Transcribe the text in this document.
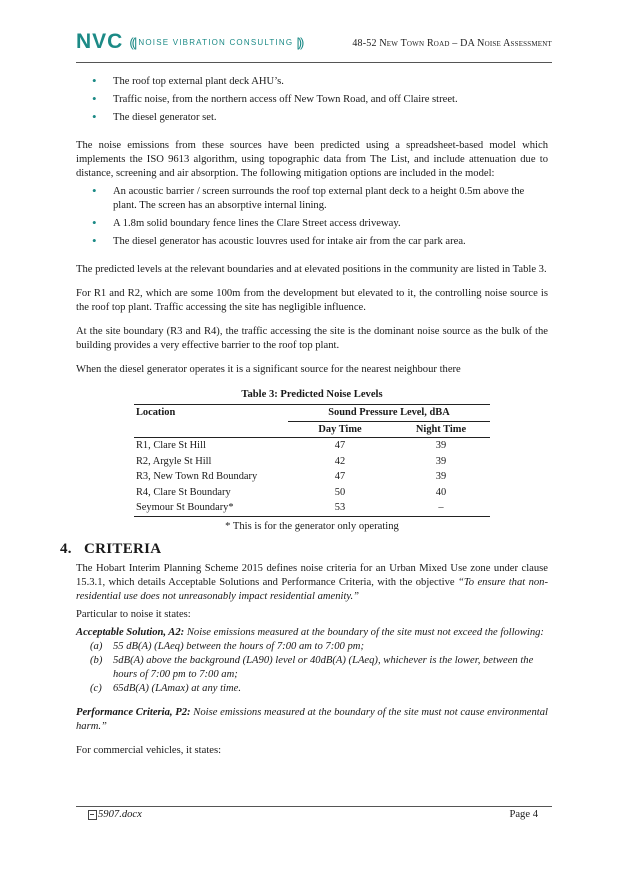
NVC ((| NOISE VIBRATION CONSULTING |))	48-52 New Town Road – DA Noise Assessment
• The roof top external plant deck AHU’s.
• Traffic noise, from the northern access off New Town Road, and off Claire street.
• The diesel generator set.

The noise emissions from these sources have been predicted using a spreadsheet-based model which implements the ISO 9613 algorithm, using topographic data from The List, and include attenuation due to distance, screening and air absorption. The following mitigation options are included in the model:

• An acoustic barrier / screen surrounds the roof top external plant deck to a height 0.5m above the plant. The screen has an absorptive internal lining.
• A 1.8m solid boundary fence lines the Clare Street access driveway.
• The diesel generator has acoustic louvres used for intake air from the car park area.

The predicted levels at the relevant boundaries and at elevated positions in the community are listed in Table 3.

For R1 and R2, which are some 100m from the development but elevated to it, the controlling noise source is the roof top plant. Traffic accessing the site has negligible influence.

At the site boundary (R3 and R4), the traffic accessing the site is the dominant noise source as the bulk of the building provides a very effective barrier to the roof top plant.

When the diesel generator operates it is a significant source for the nearest neighbour there

Table 3: Predicted Noise Levels
Location	Sound Pressure Level, dBA	
	Day Time	Night Time
R1, Clare St Hill	47	39
R2, Argyle St Hill	42	39
R3, New Town Rd Boundary	47	39
R4, Clare St Boundary	50	40
Seymour St Boundary*	53	–
* This is for the generator only operating
4. CRITERIA

The Hobart Interim Planning Scheme 2015 defines noise criteria for an Urban Mixed Use zone under clause 15.3.1, which details Acceptable Solutions and Performance Criteria, with the objective “To ensure that non-residential use does not unreasonably impact residential amenity.”

Particular to noise it states:

Acceptable Solution, A2: Noise emissions measured at the boundary of the site must not exceed the following:

(a) 55 dB(A) (LAeq) between the hours of 7:00 am to 7:00 pm;
(b) 5dB(A) above the background (LA90) level or 40dB(A) (LAeq), whichever is the lower, between the hours of 7:00 pm to 7:00 am;
(c) 65dB(A) (LAmax) at any time.

Performance Criteria, P2: Noise emissions measured at the boundary of the site must not cause environmental harm.”

For commercial vehicles, it states:

5907.docx	Page 4
